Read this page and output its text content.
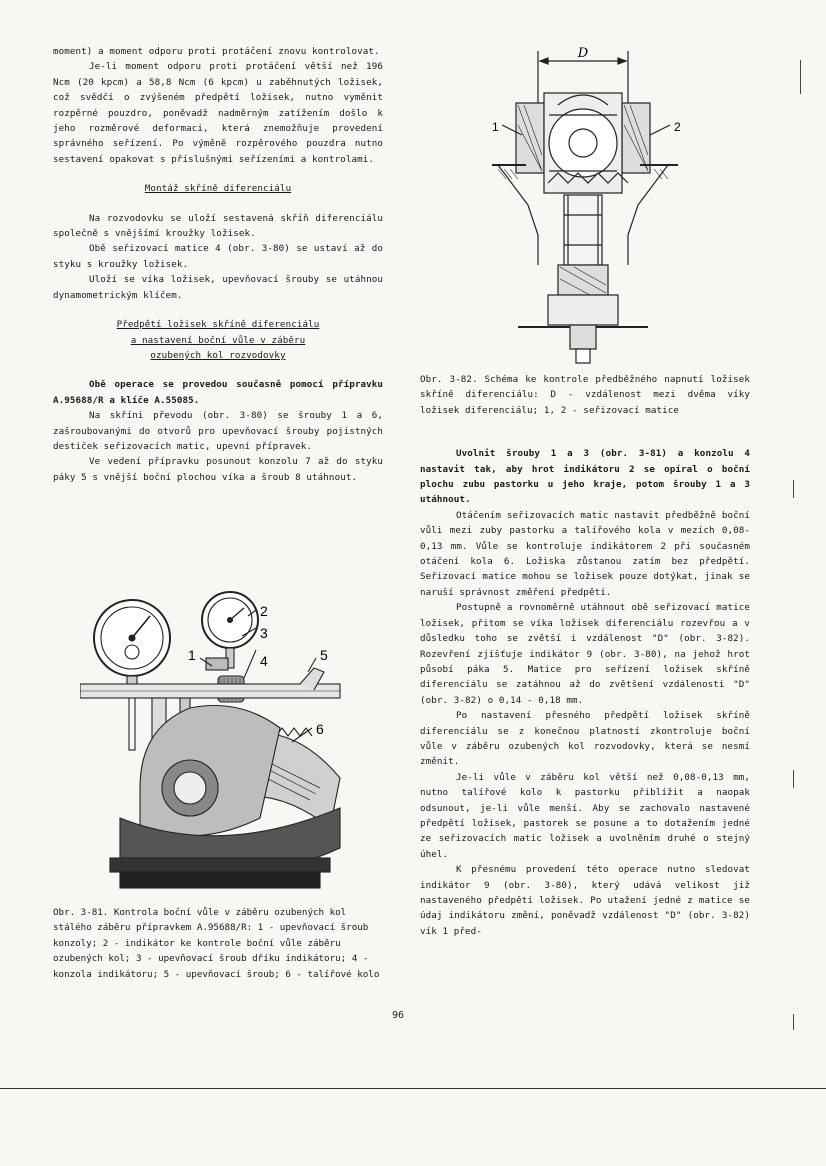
moment) a moment odporu proti protáčení znovu kontrolovat.

Je-li moment odporu proti protáčení větší než 196 Ncm (20 kpcm) a 58,8 Ncm (6 kpcm) u zaběhnutých ložisek, což svědčí o zvýšeném předpětí ložisek, nutno vyměnit rozpěrné pouzdro, poněvadž nadměrným zatížením došlo k jeho rozměrové deformaci, která znemožňuje provedení správného seřízení. Po výměně rozpěrového pouzdra nutno sestavení opakovat s příslušnými seřízeními a kontrolami.

Montáž skříně diferenciálu

Na rozvodovku se uloží sestavená skříň diferenciálu společně s vnějšími kroužky ložisek.

Obě seřizovací matice 4 (obr. 3-80) se ustaví až do styku s kroužky ložisek.

Uloží se víka ložisek, upevňovací šrouby se utáhnou dynamometrickým klíčem.

Předpětí ložisek skříně diferenciálu

a nastavení boční vůle v záběru

ozubených kol rozvodovky

Obě operace se provedou současně pomocí přípravku A.95688/R a klíče A.55085.

Na skříni převodu (obr. 3-80) se šrouby 1 a 6, zašroubovanými do otvorů pro upevňovací šrouby pojistných destiček seřizovacích matic, upevní přípravek.

Ve vedení přípravku posunout konzolu 7 až do styku páky 5 s vnější boční plochou víka a šroub 8 utáhnout.

D
1	2
1
2
3
4	5
6
Obr. 3-81. Kontrola boční vůle v záběru ozubených kol stálého záběru přípravkem A.95688/R: 1 - upevňovací šroub konzoly; 2 - indikátor ke kontrole boční vůle záběru ozubených kol; 3 - upevňovací šroub dříku indikátoru; 4 - konzola indikátoru; 5 - upevňovací šroub; 6 - talířové kolo

Obr. 3-82. Schéma ke kontrole předběžného napnutí ložisek skříně diferenciálu: D - vzdálenost mezi dvěma víky ložisek diferenciálu; 1, 2 - seřizovací matice

Uvolnit šrouby 1 a 3 (obr. 3-81) a konzolu 4 nastavit tak, aby hrot indikátoru 2 se opíral o boční plochu zubu pastorku u jeho kraje, potom šrouby 1 a 3 utáhnout.

Otáčením seřizovacích matic nastavit předběžně boční vůli mezi zuby pastorku a talířového kola v mezích 0,08-0,13 mm. Vůle se kontroluje indikátorem 2 při současném otáčení kola 6. Ložiska zůstanou zatím bez předpětí. Seřizovací matice mohou se ložisek pouze dotýkat, jinak se naruší správnost změření předpětí.

Postupně a rovnoměrně utáhnout obě seřizovací matice ložisek, přitom se víka ložisek diferenciálu rozevřou a v důsledku toho se zvětší i vzdálenost "D" (obr. 3-82). Rozevření zjišťuje indikátor 9 (obr. 3-80), na jehož hrot působí páka 5. Matice pro seřízení ložisek skříně diferenciálu se zatáhnou až do zvětšení vzdálenosti "D" (obr. 3-82) o 0,14 - 0,18 mm.

Po nastavení přesného předpětí ložisek skříně diferenciálu se z konečnou platností zkontroluje boční vůle v záběru ozubených kol rozvodovky, která se nesmí změnit.

Je-li vůle v záběru kol větší než 0,08-0,13 mm, nutno talířové kolo k pastorku přiblížit a naopak odsunout, je-li vůle menší. Aby se zachovalo nastavené předpětí ložisek, pastorek se posune a to dotažením jedné ze seřizovacích matic ložisek a uvolněním druhé o stejný úhel.

K přesnému provedení této operace nutno sledovat indikátor 9 (obr. 3-80), který udává velikost již nastaveného předpětí ložisek. Po utažení jedné z matice se údaj indikátoru změní, poněvadž vzdálenost "D" (obr. 3-82) vík 1 před-

96
